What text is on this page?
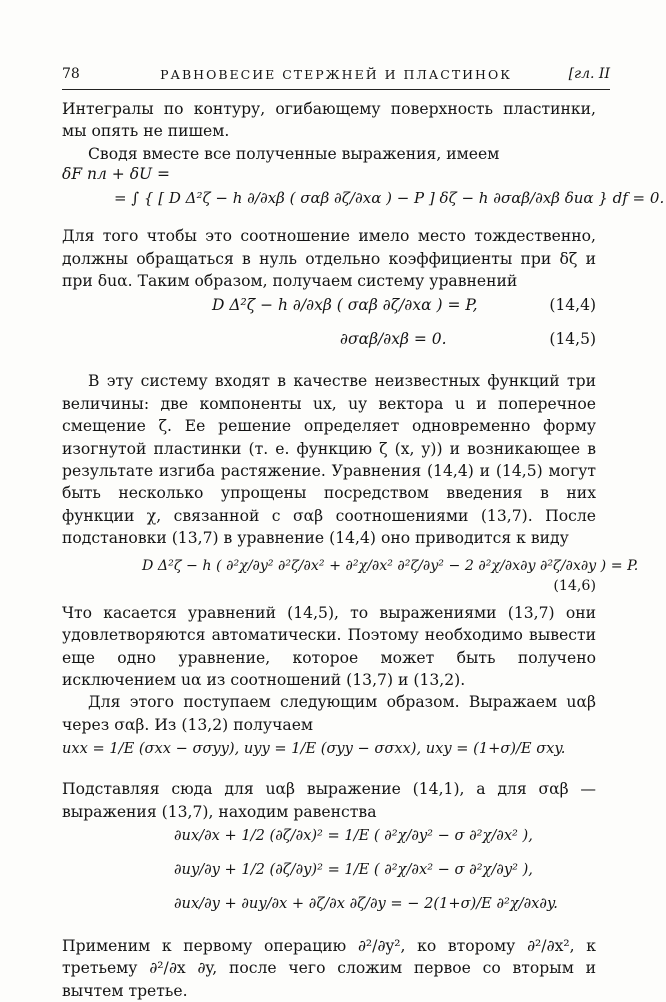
78	РАВНОВЕСИЕ СТЕРЖНЕЙ И ПЛАСТИНОК	[гл. II

Интегралы по контуру, огибающему поверхность пластинки, мы опять не пишем.

Сводя вместе все полученные выражения, имеем

δF пл + δU =
= ∫ { [ D Δ²ζ − h ∂/∂xβ ( σαβ ∂ζ/∂xα ) − P ] δζ − h ∂σαβ/∂xβ δuα } df = 0.

Для того чтобы это соотношение имело место тождественно, должны обращаться в нуль отдельно коэффициенты при δζ и при δuα. Таким образом, получаем систему уравнений

D Δ²ζ − h ∂/∂xβ ( σαβ ∂ζ/∂xα ) = P,	(14,4)
∂σαβ/∂xβ = 0.	(14,5)

В эту систему входят в качестве неизвестных функций три величины: две компоненты ux, uy вектора u и поперечное смещение ζ. Ее решение определяет одновременно форму изогнутой пластинки (т. е. функцию ζ (x, y)) и возникающее в результате изгиба растяжение. Уравнения (14,4) и (14,5) могут быть несколько упрощены посредством введения в них функции χ, связанной с σαβ соотношениями (13,7). После подстановки (13,7) в уравнение (14,4) оно приводится к виду

D Δ²ζ − h ( ∂²χ/∂y² ∂²ζ/∂x² + ∂²χ/∂x² ∂²ζ/∂y² − 2 ∂²χ/∂x∂y ∂²ζ/∂x∂y ) = P.
(14,6)

Что касается уравнений (14,5), то выражениями (13,7) они удовлетворяются автоматически. Поэтому необходимо вывести еще одно уравнение, которое может быть получено исключением uα из соотношений (13,7) и (13,2).

Для этого поступаем следующим образом. Выражаем uαβ через σαβ. Из (13,2) получаем

uxx = 1/E (σxx − σσyy), uyy = 1/E (σyy − σσxx), uxy = (1+σ)/E σxy.

Подставляя сюда для uαβ выражение (14,1), а для σαβ — выражения (13,7), находим равенства

∂ux/∂x + 1/2 (∂ζ/∂x)² = 1/E ( ∂²χ/∂y² − σ ∂²χ/∂x² ),
∂uy/∂y + 1/2 (∂ζ/∂y)² = 1/E ( ∂²χ/∂x² − σ ∂²χ/∂y² ),
∂ux/∂y + ∂uy/∂x + ∂ζ/∂x ∂ζ/∂y = − 2(1+σ)/E ∂²χ/∂x∂y.

Применим к первому операцию ∂²/∂y², ко второму ∂²/∂x², к третьему ∂²/∂x ∂y, после чего сложим первое со вторым и вычтем третье.
